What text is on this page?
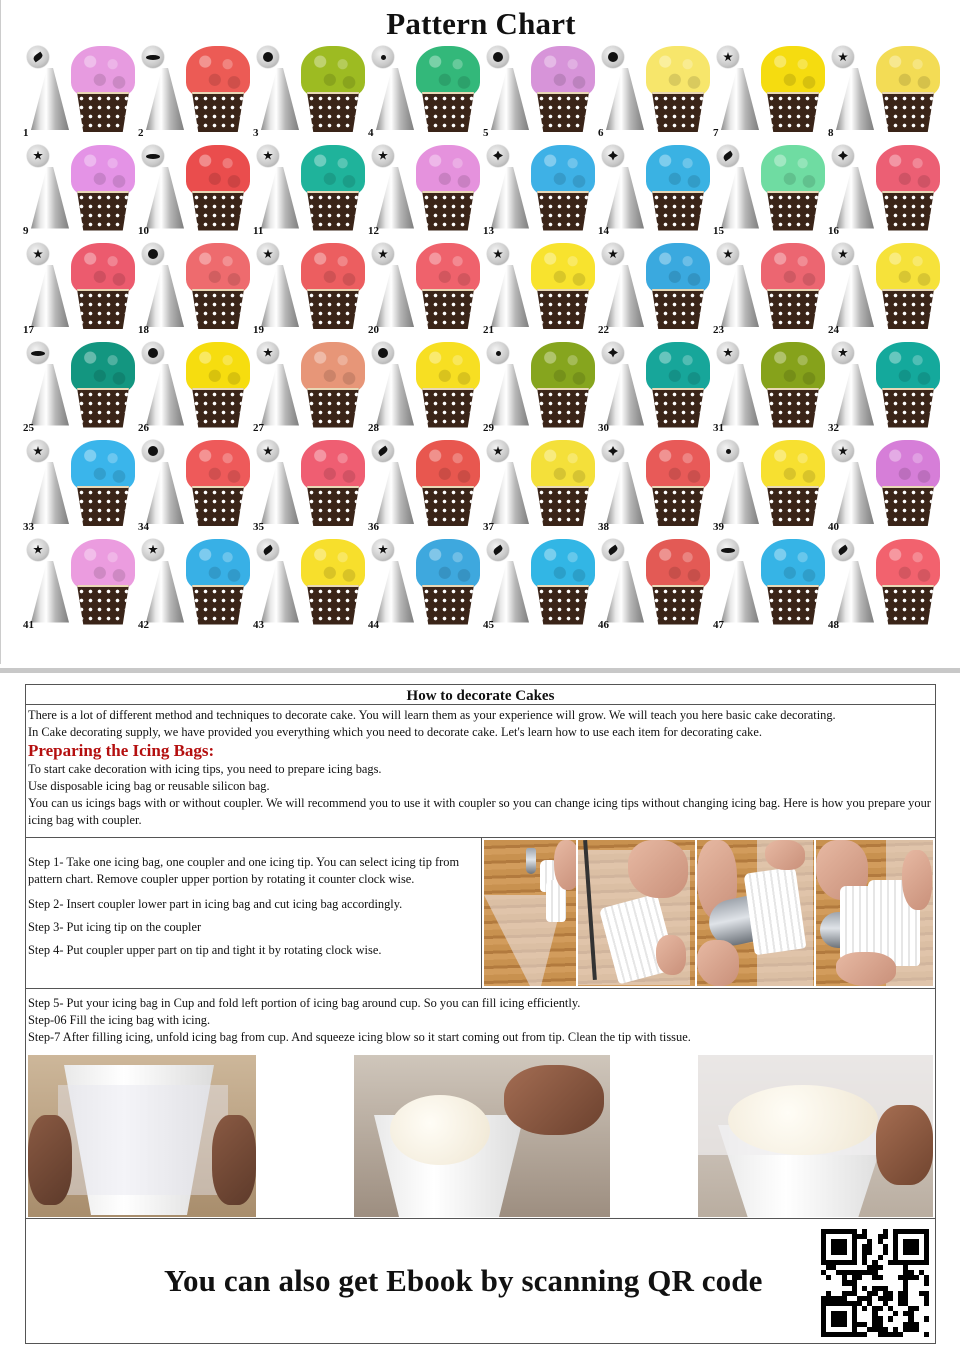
Pattern Chart
1	2	3	4	5	6	7	8
9	10	11	12	13	14	15	16
17	18	19	20	21	22	23	24
25	26	27	28	29	30	31	32
33	34	35	36	37	38	39	40
41	42	43	44	45	46	47	48
How to decorate Cakes

There is a lot of different method and techniques to decorate cake. You will learn them as your experience will grow. We will teach you here basic cake decorating.

In Cake decorating supply, we have provided you everything which you need to decorate cake. Let's learn how to use each item for decorating cake.

Preparing the Icing Bags:

To start cake decoration with icing tips, you need to prepare icing bags.

Use disposable icing bag or reusable silicon bag.

You can us icings bags with or without coupler. We will recommend you to use it with coupler so you can change icing tips without changing icing bag. Here is how you prepare your icing bag with coupler.

Step 1- Take one icing bag, one coupler and one icing tip. You can select icing tip from pattern chart. Remove coupler upper portion by rotating it counter clock wise.

Step 2- Insert coupler lower part in icing bag and cut icing bag accordingly.

Step 3- Put icing tip on the coupler

Step 4- Put coupler upper part on tip and tight it by rotating clock wise.

Step 5- Put your icing bag in Cup and fold left portion of icing bag around cup. So you can fill icing efficiently.

Step-06 Fill the icing bag with icing.

Step-7 After filling icing, unfold icing bag from cup. And squeeze icing blow so it start coming out from tip. Clean the tip with tissue.

You can also get Ebook by scanning QR code
